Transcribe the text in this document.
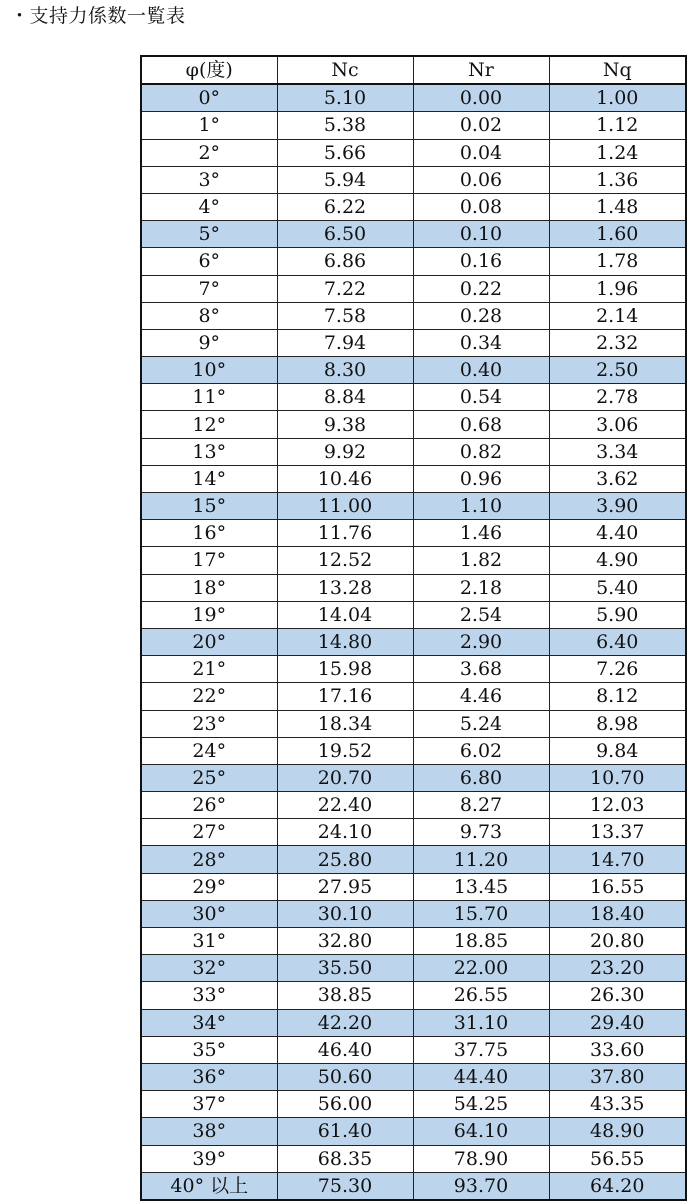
・支持力係数一覧表
φ(度)	Nc	Nr	Nq
0°	5.10	0.00	1.00
1°	5.38	0.02	1.12
2°	5.66	0.04	1.24
3°	5.94	0.06	1.36
4°	6.22	0.08	1.48
5°	6.50	0.10	1.60
6°	6.86	0.16	1.78
7°	7.22	0.22	1.96
8°	7.58	0.28	2.14
9°	7.94	0.34	2.32
10°	8.30	0.40	2.50
11°	8.84	0.54	2.78
12°	9.38	0.68	3.06
13°	9.92	0.82	3.34
14°	10.46	0.96	3.62
15°	11.00	1.10	3.90
16°	11.76	1.46	4.40
17°	12.52	1.82	4.90
18°	13.28	2.18	5.40
19°	14.04	2.54	5.90
20°	14.80	2.90	6.40
21°	15.98	3.68	7.26
22°	17.16	4.46	8.12
23°	18.34	5.24	8.98
24°	19.52	6.02	9.84
25°	20.70	6.80	10.70
26°	22.40	8.27	12.03
27°	24.10	9.73	13.37
28°	25.80	11.20	14.70
29°	27.95	13.45	16.55
30°	30.10	15.70	18.40
31°	32.80	18.85	20.80
32°	35.50	22.00	23.20
33°	38.85	26.55	26.30
34°	42.20	31.10	29.40
35°	46.40	37.75	33.60
36°	50.60	44.40	37.80
37°	56.00	54.25	43.35
38°	61.40	64.10	48.90
39°	68.35	78.90	56.55
40° 以上	75.30	93.70	64.20
